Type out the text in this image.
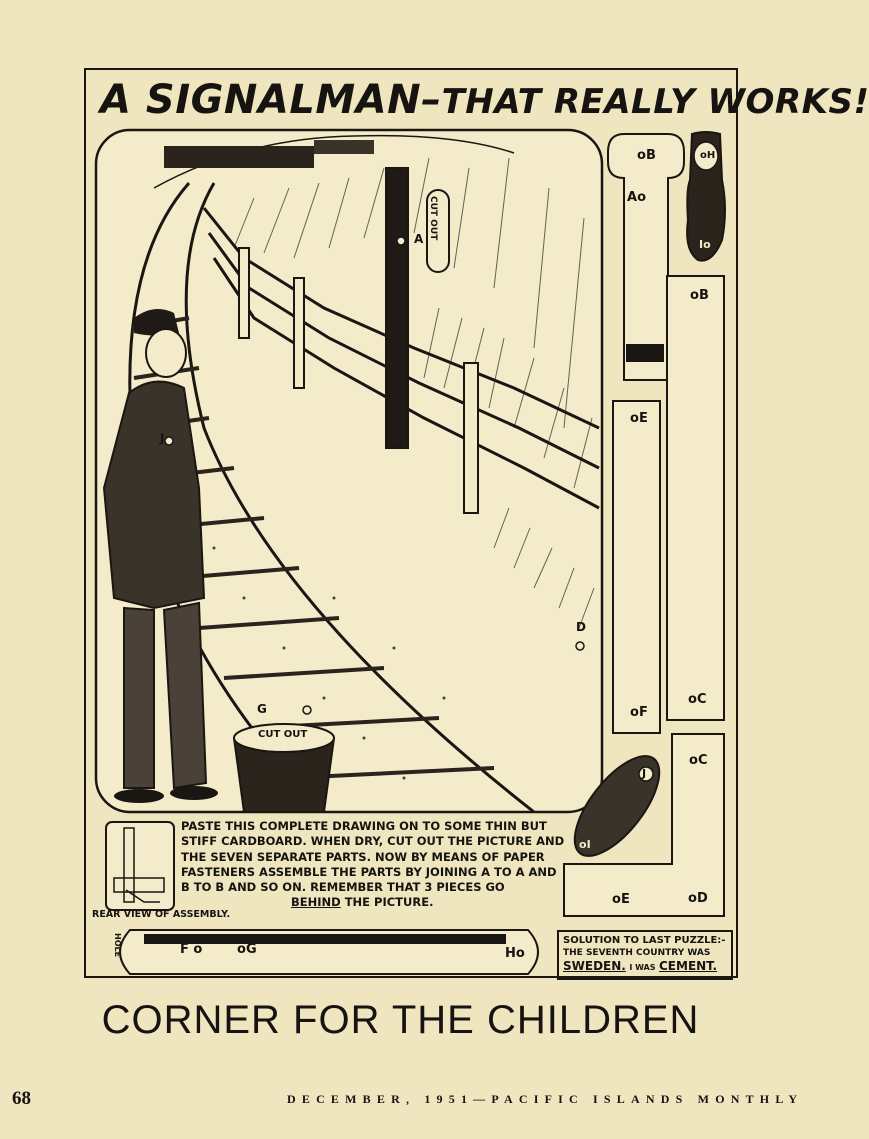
A SIGNALMAN–THAT REALLY WORKS!
A CUT OUT
J
G
D
CUT OUT
oB
Ao
oH
Io
oB
oC
oE
oF
oC
oE	oD
J
oI
REAR VIEW OF ASSEMBLY.
PASTE THIS COMPLETE DRAWING ON TO SOME THIN BUT
STIFF CARDBOARD. WHEN DRY, CUT OUT THE PICTURE AND
THE SEVEN SEPARATE PARTS. NOW BY MEANS OF PAPER
FASTENERS ASSEMBLE THE PARTS BY JOINING A TO A AND
B TO B AND SO ON. REMEMBER THAT 3 PIECES GO
BEHIND THE PICTURE.
HOLE	F o	oG	Ho
SOLUTION TO LAST PUZZLE:-
THE SEVENTH COUNTRY WAS
SWEDEN. I WAS CEMENT.
CORNER FOR THE CHILDREN
68	DECEMBER, 1951—PACIFIC ISLANDS MONTHLY
